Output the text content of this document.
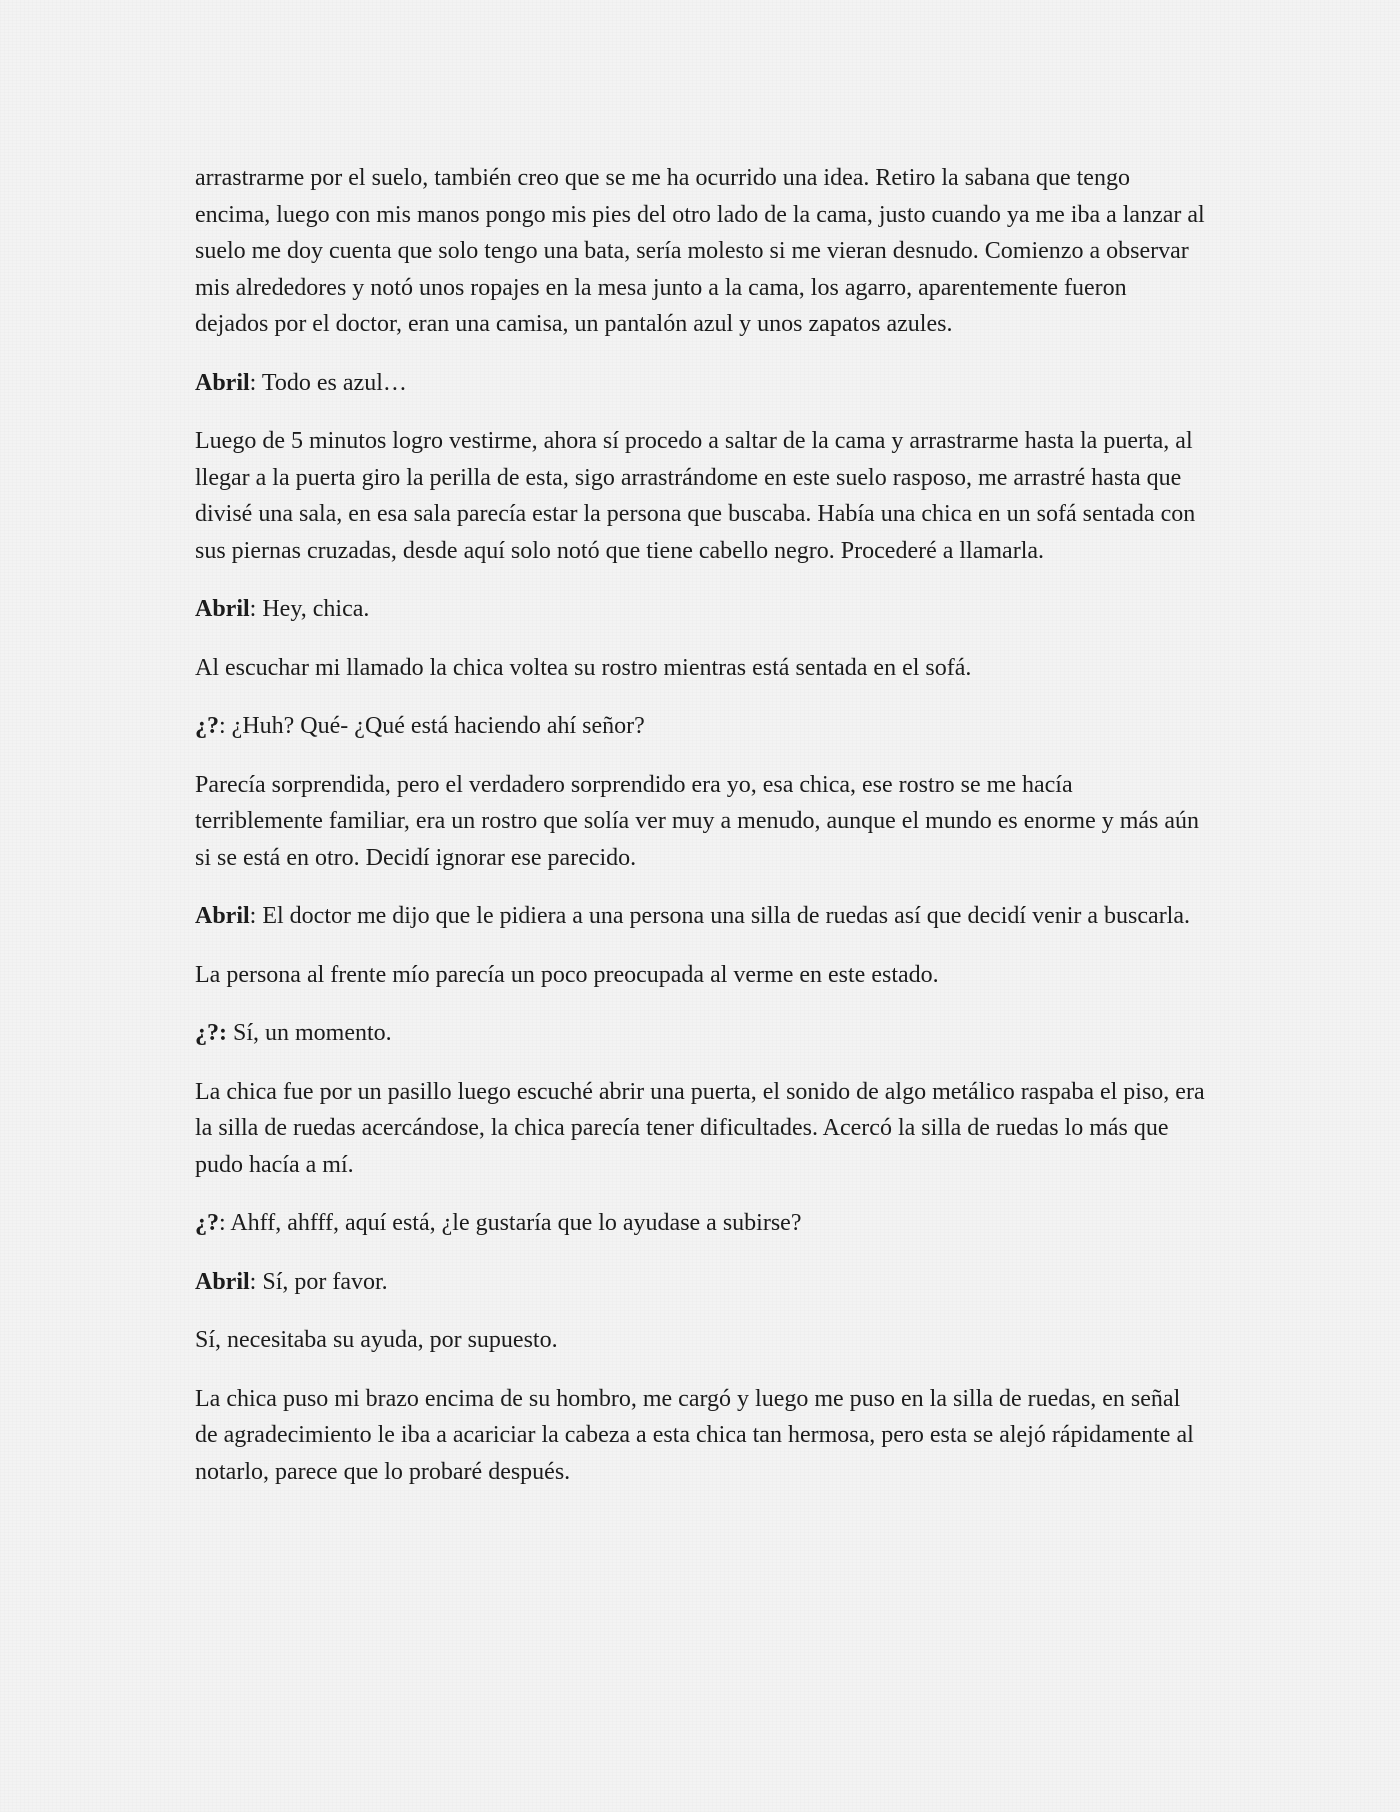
arrastrarme por el suelo, también creo que se me ha ocurrido una idea. Retiro la sabana que tengo encima, luego con mis manos pongo mis pies del otro lado de la cama, justo cuando ya me iba a lanzar al suelo me doy cuenta que solo tengo una bata, sería molesto si me vieran desnudo. Comienzo a observar mis alrededores y notó unos ropajes en la mesa junto a la cama, los agarro, aparentemente fueron dejados por el doctor, eran una camisa, un pantalón azul y unos zapatos azules.

Abril: Todo es azul…

Luego de 5 minutos logro vestirme, ahora sí procedo a saltar de la cama y arrastrarme hasta la puerta, al llegar a la puerta giro la perilla de esta, sigo arrastrándome en este suelo rasposo, me arrastré hasta que divisé una sala, en esa sala parecía estar la persona que buscaba. Había una chica en un sofá sentada con sus piernas cruzadas, desde aquí solo notó que tiene cabello negro. Procederé a llamarla.

Abril: Hey, chica.

Al escuchar mi llamado la chica voltea su rostro mientras está sentada en el sofá.

¿?: ¿Huh? Qué- ¿Qué está haciendo ahí señor?

Parecía sorprendida, pero el verdadero sorprendido era yo, esa chica, ese rostro se me hacía terriblemente familiar, era un rostro que solía ver muy a menudo, aunque el mundo es enorme y más aún si se está en otro. Decidí ignorar ese parecido.

Abril: El doctor me dijo que le pidiera a una persona una silla de ruedas así que decidí venir a buscarla.

La persona al frente mío parecía un poco preocupada al verme en este estado.

¿?: Sí, un momento.

La chica fue por un pasillo luego escuché abrir una puerta, el sonido de algo metálico raspaba el piso, era la silla de ruedas acercándose, la chica parecía tener dificultades. Acercó la silla de ruedas lo más que pudo hacía a mí.

¿?: Ahff, ahfff, aquí está, ¿le gustaría que lo ayudase a subirse?

Abril: Sí, por favor.

Sí, necesitaba su ayuda, por supuesto.

La chica puso mi brazo encima de su hombro, me cargó y luego me puso en la silla de ruedas, en señal de agradecimiento le iba a acariciar la cabeza a esta chica tan hermosa, pero esta se alejó rápidamente al notarlo, parece que lo probaré después.
